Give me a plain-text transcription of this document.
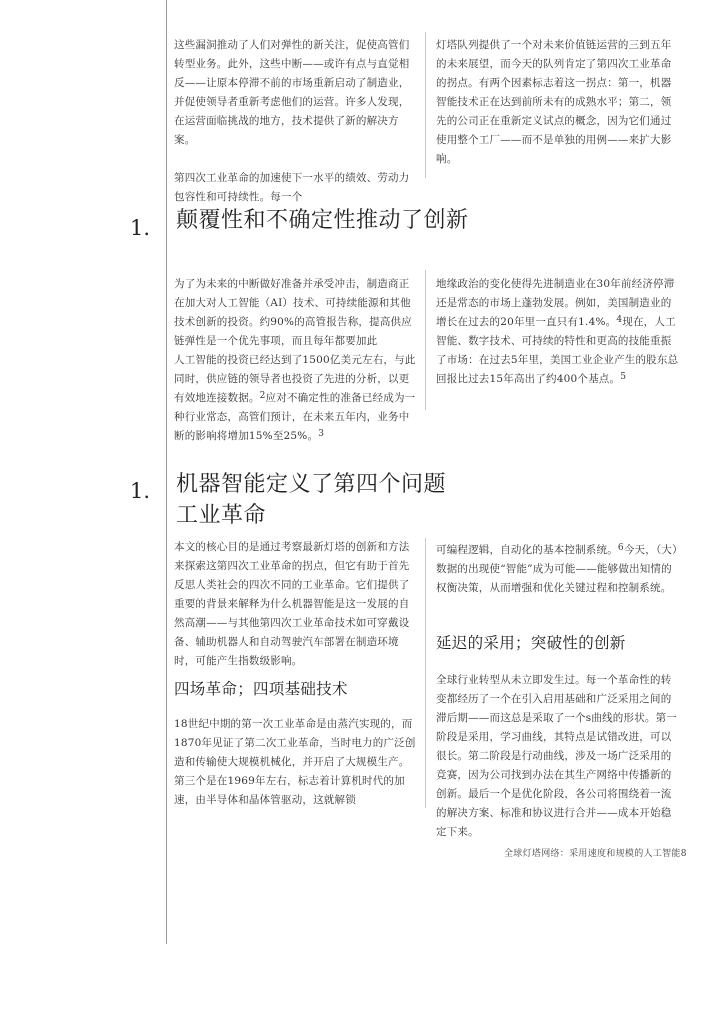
这些漏洞推动了人们对弹性的新关注，促使高管们转型业务。此外，这些中断——或许有点与直觉相反——让原本停滞不前的市场重新启动了制造业，并促使领导者重新考虑他们的运营。许多人发现，在运营面临挑战的地方，技术提供了新的解决方案。

第四次工业革命的加速使下一水平的绩效、劳动力包容性和可持续性。每一个

灯塔队列提供了一个对未来价值链运营的三到五年的未来展望，而今天的队列肯定了第四次工业革命的拐点。有两个因素标志着这一拐点：第一，机器智能技术正在达到前所未有的成熟水平；第二，领先的公司正在重新定义试点的概念，因为它们通过使用整个工厂——而不是单独的用例——来扩大影响。

1. 颠覆性和不确定性推动了创新

为了为未来的中断做好准备并承受冲击，制造商正在加大对人工智能（AI）技术、可持续能源和其他技术创新的投资。约90%的高管报告称，提高供应链弹性是一个优先事项，而且每年都要加此

人工智能的投资已经达到了1500亿美元左右，与此同时，供应链的领导者也投资了先进的分析，以更有效地连接数据。$^2$应对不确定性的准备已经成为一种行业常态，高管们预计，在未来五年内，业务中断的影响将增加15%至25%。$^3$

地缘政治的变化使得先进制造业在30年前经济停滞还是常态的市场上蓬勃发展。例如，美国制造业的增长在过去的20年里一直只有1.4%。$^4$现在，人工智能、数字技术、可持续的特性和更高的技能重振了市场：在过去5年里，美国工业企业产生的股东总回报比过去15年高出了约400个基点。$^5$

1. 机器智能定义了第四个问题
工业革命

本文的核心目的是通过考察最新灯塔的创新和方法来探索这第四次工业革命的拐点，但它有助于首先反思人类社会的四次不同的工业革命。它们提供了重要的背景来解释为什么机器智能是这一发展的自然高潮——与其他第四次工业革命技术如可穿戴设备、辅助机器人和自动驾驶汽车部署在制造环境时，可能产生指数级影响。

四场革命；四项基础技术

18世纪中期的第一次工业革命是由蒸汽实现的，而1870年见证了第二次工业革命，当时电力的广泛创造和传输使大规模机械化，并开启了大规模生产。第三个是在1969年左右，标志着计算机时代的加速，由半导体和晶体管驱动，这就解锁

可编程逻辑，自动化的基本控制系统。$^6$今天，（大）数据的出现使“智能”成为可能——能够做出知情的权衡决策，从而增强和优化关键过程和控制系统。

延迟的采用；突破性的创新

全球行业转型从未立即发生过。每一个革命性的转变都经历了一个在引入启用基础和广泛采用之间的滞后期——而这总是采取了一个s曲线的形状。第一阶段是采用，学习曲线，其特点是试错改进，可以很长。第二阶段是行动曲线，涉及一场广泛采用的竞赛，因为公司找到办法在其生产网络中传播新的创新。最后一个是优化阶段，各公司将围绕着一流的解决方案、标准和协议进行合并——成本开始稳定下来。

全球灯塔网络：采用速度和规模的人工智能8
